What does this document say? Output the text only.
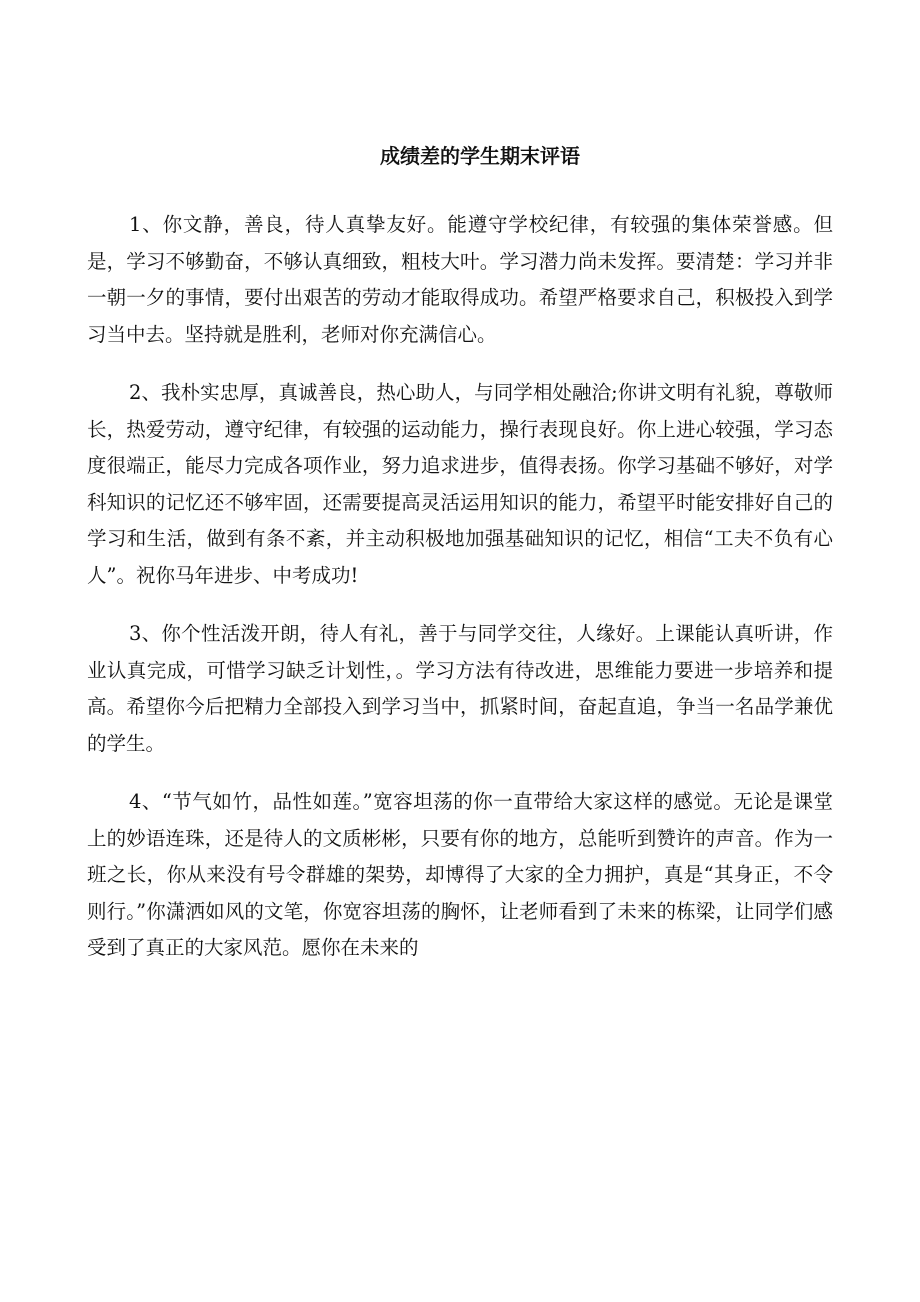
成绩差的学生期末评语

1、你文静，善良，待人真挚友好。能遵守学校纪律，有较强的集体荣誉感。但是，学习不够勤奋，不够认真细致，粗枝大叶。学习潜力尚未发挥。要清楚：学习并非一朝一夕的事情，要付出艰苦的劳动才能取得成功。希望严格要求自己，积极投入到学习当中去。坚持就是胜利，老师对你充满信心。

2、我朴实忠厚，真诚善良，热心助人，与同学相处融洽;你讲文明有礼貌，尊敬师长，热爱劳动，遵守纪律，有较强的运动能力，操行表现良好。你上进心较强，学习态度很端正，能尽力完成各项作业，努力追求进步，值得表扬。你学习基础不够好，对学科知识的记忆还不够牢固，还需要提高灵活运用知识的能力，希望平时能安排好自己的学习和生活，做到有条不紊，并主动积极地加强基础知识的记忆，相信“工夫不负有心人”。祝你马年进步、中考成功!

3、你个性活泼开朗，待人有礼，善于与同学交往，人缘好。上课能认真听讲，作业认真完成，可惜学习缺乏计划性，。学习方法有待改进，思维能力要进一步培养和提高。希望你今后把精力全部投入到学习当中，抓紧时间，奋起直追，争当一名品学兼优的学生。

4、“节气如竹，品性如莲。”宽容坦荡的你一直带给大家这样的感觉。无论是课堂上的妙语连珠，还是待人的文质彬彬，只要有你的地方，总能听到赞许的声音。作为一班之长，你从来没有号令群雄的架势，却博得了大家的全力拥护，真是“其身正，不令则行。”你潇洒如风的文笔，你宽容坦荡的胸怀，让老师看到了未来的栋梁，让同学们感受到了真正的大家风范。愿你在未来的
